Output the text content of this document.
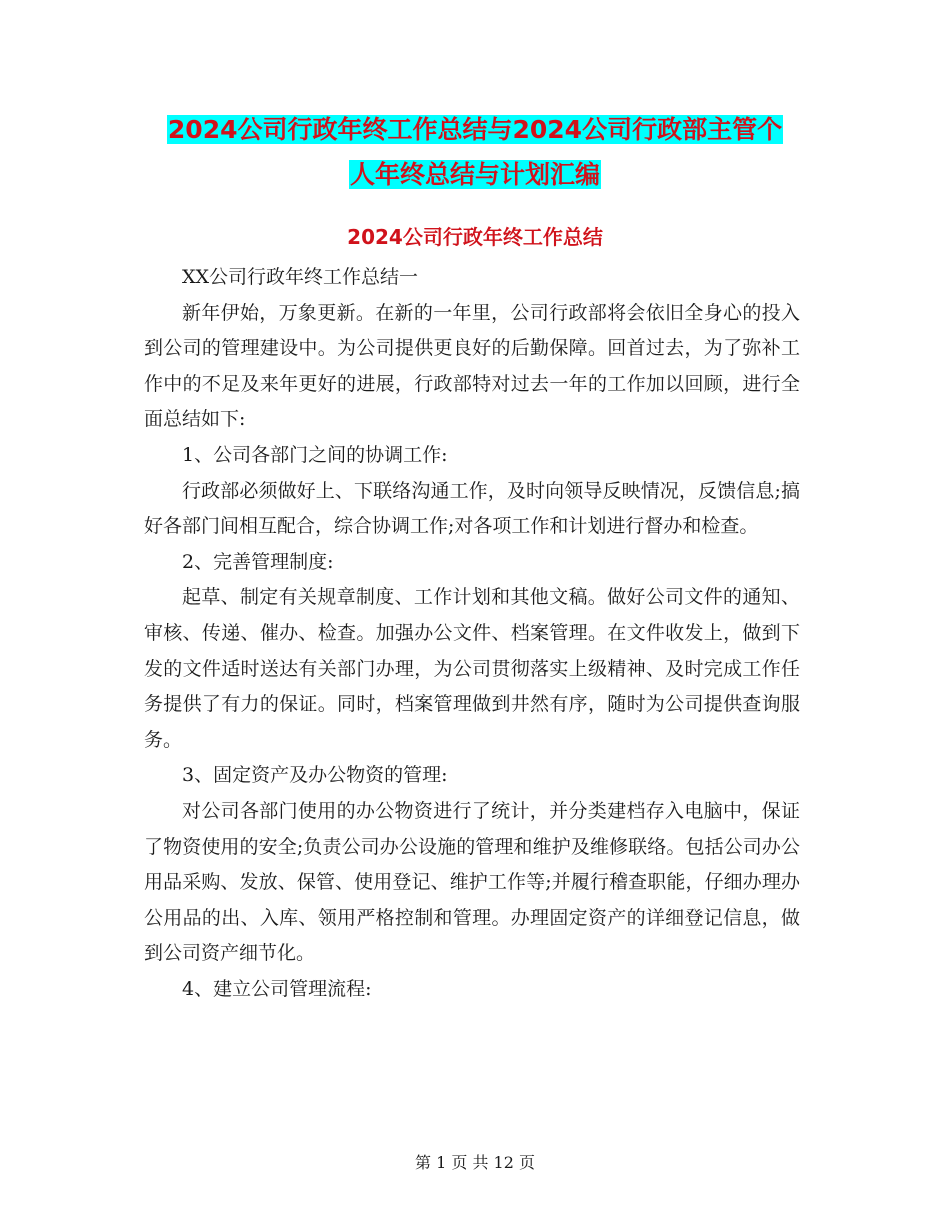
2024公司行政年终工作总结与2024公司行政部主管个
人年终总结与计划汇编
2024公司行政年终工作总结

XX公司行政年终工作总结一

新年伊始，万象更新。在新的一年里，公司行政部将会依旧全身心的投入到公司的管理建设中。为公司提供更良好的后勤保障。回首过去，为了弥补工作中的不足及来年更好的进展，行政部特对过去一年的工作加以回顾，进行全面总结如下:

1、公司各部门之间的协调工作:

行政部必须做好上、下联络沟通工作，及时向领导反映情况，反馈信息;搞好各部门间相互配合，综合协调工作;对各项工作和计划进行督办和检查。

2、完善管理制度:

起草、制定有关规章制度、工作计划和其他文稿。做好公司文件的通知、审核、传递、催办、检查。加强办公文件、档案管理。在文件收发上，做到下发的文件适时送达有关部门办理，为公司贯彻落实上级精神、及时完成工作任务提供了有力的保证。同时，档案管理做到井然有序，随时为公司提供查询服务。

3、固定资产及办公物资的管理:

对公司各部门使用的办公物资进行了统计，并分类建档存入电脑中，保证了物资使用的安全;负责公司办公设施的管理和维护及维修联络。包括公司办公用品采购、发放、保管、使用登记、维护工作等;并履行稽查职能，仔细办理办公用品的出、入库、领用严格控制和管理。办理固定资产的详细登记信息，做到公司资产细节化。

4、建立公司管理流程:

第 1 页 共 12 页
